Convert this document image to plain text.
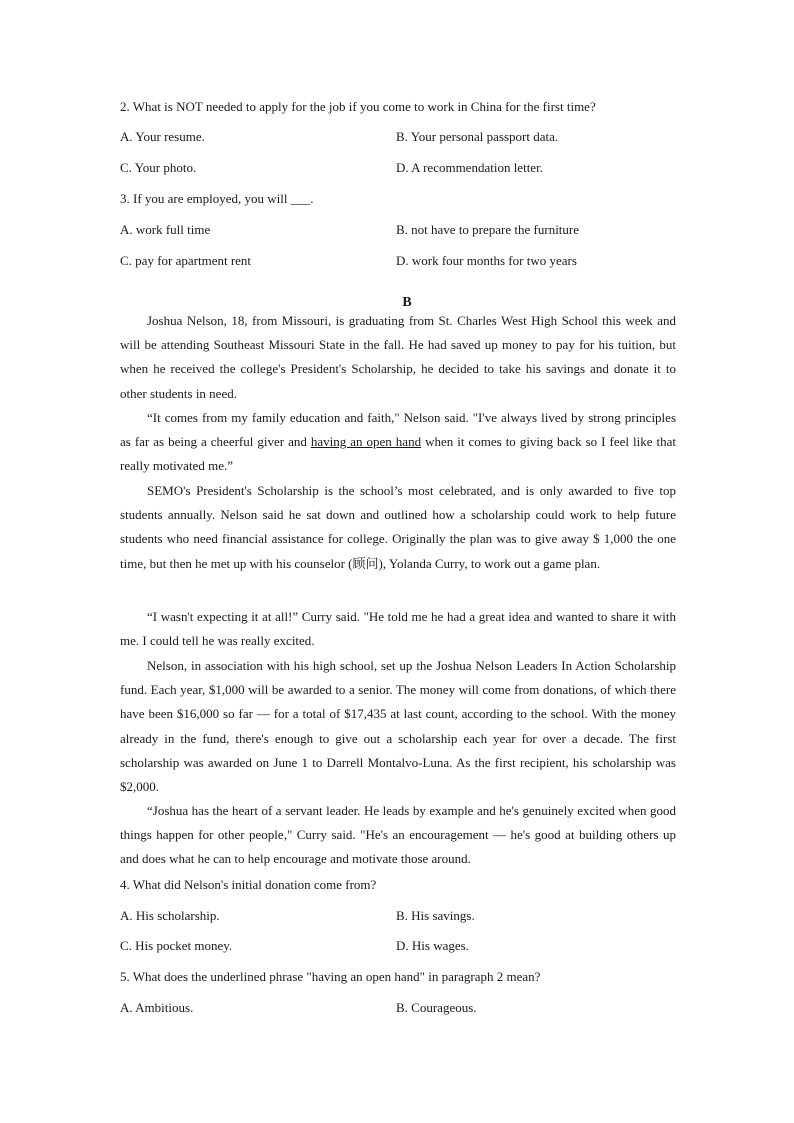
2. What is NOT needed to apply for the job if you come to work in China for the first time?
A. Your resume.	B. Your personal passport data.
C. Your photo.	D. A recommendation letter.
3. If you are employed, you will ___.
A. work full time	B. not have to prepare the furniture
C. pay for apartment rent	D. work four months for two years
B
Joshua Nelson, 18, from Missouri, is graduating from St. Charles West High School this week and will be attending Southeast Missouri State in the fall. He had saved up money to pay for his tuition, but when he received the college's President's Scholarship, he decided to take his savings and donate it to other students in need.
“It comes from my family education and faith," Nelson said. "I've always lived by strong principles as far as being a cheerful giver and having an open hand when it comes to giving back so I feel like that really motivated me.”
SEMO's President's Scholarship is the school’s most celebrated, and is only awarded to five top students annually. Nelson said he sat down and outlined how a scholarship could work to help future students who need financial assistance for college. Originally the plan was to give away $ 1,000 the one time, but then he met up with his counselor (顾问), Yolanda Curry, to work out a game plan.
“I wasn't expecting it at all!” Curry said. "He told me he had a great idea and wanted to share it with me. I could tell he was really excited.
Nelson, in association with his high school, set up the Joshua Nelson Leaders In Action Scholarship fund. Each year, $1,000 will be awarded to a senior. The money will come from donations, of which there have been $16,000 so far — for a total of $17,435 at last count, according to the school. With the money already in the fund, there's enough to give out a scholarship each year for over a decade. The first scholarship was awarded on June 1 to Darrell Montalvo-Luna. As the first recipient, his scholarship was $2,000.
“Joshua has the heart of a servant leader. He leads by example and he's genuinely excited when good things happen for other people," Curry said. "He's an encouragement — he's good at building others up and does what he can to help encourage and motivate those around.
4. What did Nelson's initial donation come from?
A. His scholarship.	B. His savings.
C. His pocket money.	D. His wages.
5. What does the underlined phrase "having an open hand" in paragraph 2 mean?
A. Ambitious.	B. Courageous.
